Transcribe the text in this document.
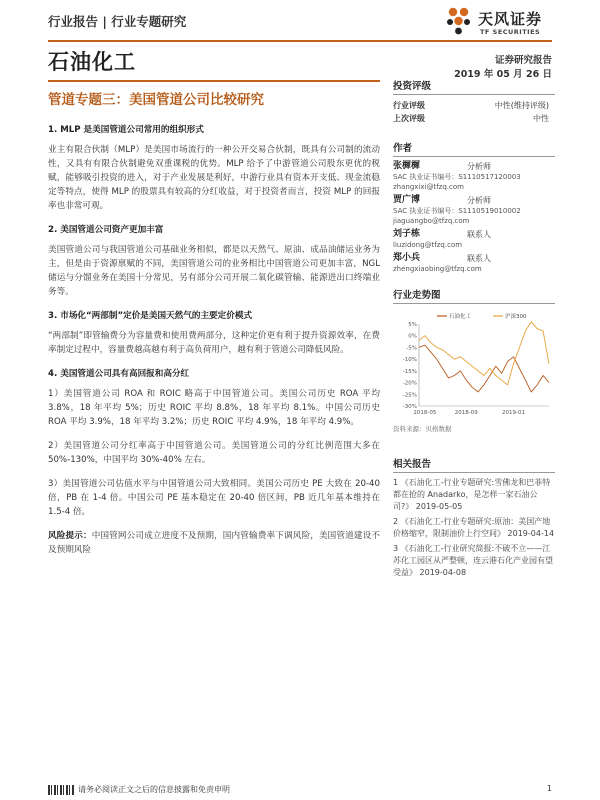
行业报告 | 行业专题研究	天风证券
TF SECURITIES
石油化工	证券研究报告
2019 年 05 月 26 日
管道专题三：美国管道公司比较研究
1. MLP 是美国管道公司常用的组织形式
业主有限合伙制（MLP）是美国市场流行的一种公开交易合伙制，既具有公司制的流动性，又具有有限合伙制避免双重课税的优势。MLP 给予了中游管道公司股东更优的税赋，能够吸引投资的进入，对于产业发展是利好，中游行业具有资本开支低、现金流稳定等特点，使得 MLP 的股票具有较高的分红收益，对于投资者而言，投资 MLP 的回报率也非常可观。
2. 美国管道公司资产更加丰富
美国管道公司与我国管道公司基础业务相似，都是以天然气、原油、成品油储运业务为主，但是由于资源禀赋的不同，美国管道公司的业务相比中国管道公司更加丰富，NGL 储运与分馏业务在美国十分常见，另有部分公司开展二氧化碳管输、能源进出口终端业务等。
3. 市场化“两部制”定价是美国天然气的主要定价模式
“两部制”即管输费分为容量费和使用费两部分，这种定价更有利于提升资源效率，在费率制定过程中，容量费越高越有利于高负荷用户，越有利于管道公司降低风险。
4. 美国管道公司具有高回报和高分红
1）美国管道公司 ROA 和 ROIC 略高于中国管道公司。美国公司历史 ROA 平均 3.8%，18 年平均 5%；历史 ROIC 平均 8.8%，18 年平均 8.1%。中国公司历史 ROA 平均 3.9%，18 年平均 3.2%；历史 ROIC 平均 4.9%，18 年平均 4.9%。
2）美国管道公司分红率高于中国管道公司。美国管道公司的分红比例范围大多在 50%-130%，中国平均 30%-40% 左右。
3）美国管道公司估值水平与中国管道公司大致相同。美国公司历史 PE 大致在 20-40 倍，PB 在 1-4 倍。中国公司 PE 基本稳定在 20-40 倍区间，PB 近几年基本维持在 1.5-4 倍。
风险提示：中国管网公司成立进度不及预期，国内管输费率下调风险，美国管道建设不及预期风险
投资评级
行业评级	中性(维持评级)
上次评级	中性
作者
张樨樨	分析师
SAC 执业证书编号：S1110517120003
zhangxixi@tfzq.com
贾广博	分析师
SAC 执业证书编号：S1110519010002
jiaguangbo@tfzq.com
刘子栋	联系人
liuzidong@tfzq.com
郑小兵	联系人
zhengxiaobing@tfzq.com
行业走势图
5%
0%
-5%
-10%
-15%
-20%
-25%
-30%
2018-05	2018-09	2019-01
石油化工	沪深300
资料来源：贝格数据
相关报告
1 《石油化工-行业专题研究:雪佛龙和巴菲特都在抢的 Anadarko，是怎样一家石油公司?》 2019-05-05
2 《石油化工-行业专题研究:原油：美国产地价格缩窄，限制油价上行空间》 2019-04-14
3 《石油化工-行业研究简报:不破不立——江苏化工园区从严整顿，连云港石化产业园有望受益》 2019-04-08
请务必阅读正文之后的信息披露和免责申明	1
